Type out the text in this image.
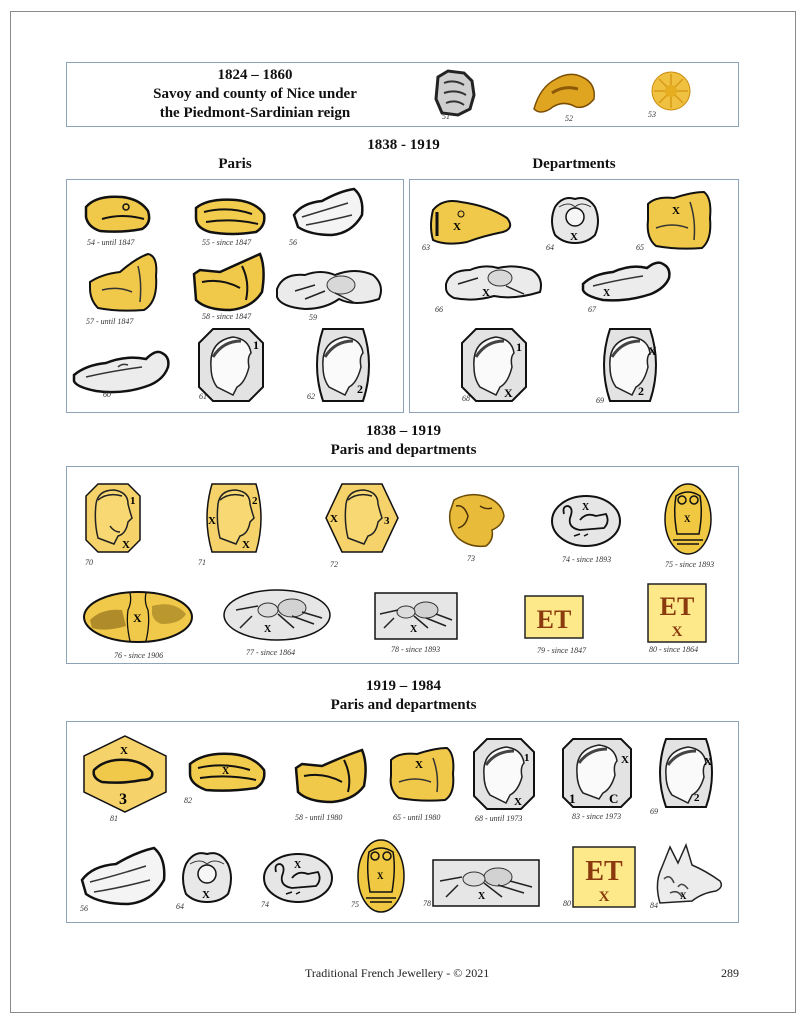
1824 – 1860
Savoy and county of Nice under
the Piedmont-Sardinian reign	51	52	53
1838 - 1919
Paris	Departments
54 - until 1847	55 - since 1847	56
57 - until 1847
58 - since 1847	59
60
1
61
2
62
X
63
X
64
X
65
X
66
X
67
1
X
68
X
2
69
1838 – 1919
Paris and departments
1
X
70
2
X
X
71
X	3
72
73
X
74 - since 1893
X
75 - since 1893
X
76 - since 1906
X
77 - since 1864
X
78 - since 1893
ET
79 - since 1847
ET
X
80 - since 1864
1919 – 1984
Paris and departments
X
3
81
X
82
58 - until 1980
X
65 - until 1980
1
X
68 - until 1973
X
1	C
83 - since 1973
X
2
69
56
X
64
X
74
X
75
X
78
ET
X
80
X
84
Traditional French Jewellery - © 2021	289
